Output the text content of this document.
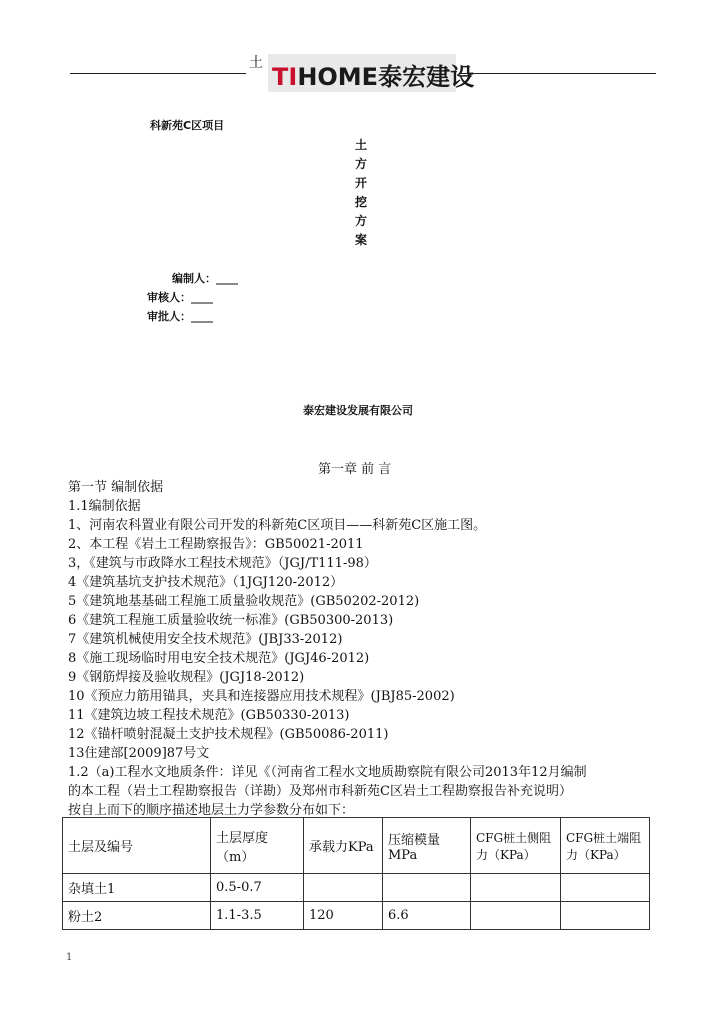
土 TIHOME泰宏建设
科新苑C区项目
土
方
开
挖
方
案
编制人：____
审核人：____
审批人：____
泰宏建设发展有限公司
第一章 前 言
第一节 编制依据
1.1编制依据
1、河南农科置业有限公司开发的科新苑C区项目——科新苑C区施工图。
2、本工程《岩土工程勘察报告》：GB50021-2011
3，《建筑与市政降水工程技术规范》（JGJ/T111-98）
4《建筑基坑支护技术规范》（1JGJ120-2012）
5《建筑地基基础工程施工质量验收规范》(GB50202-2012)
6《建筑工程施工质量验收统一标准》(GB50300-2013)
7《建筑机械使用安全技术规范》(JBJ33-2012)
8《施工现场临时用电安全技术规范》(JGJ46-2012)
9《钢筋焊接及验收规程》(JGJ18-2012)
10《预应力筋用锚具，夹具和连接器应用技术规程》(JBJ85-2002)
11《建筑边坡工程技术规范》(GB50330-2013)
12《锚杆喷射混凝土支护技术规程》(GB50086-2011)
13住建部[2009]87号文
1.2（a)工程水文地质条件：详见《（河南省工程水文地质勘察院有限公司2013年12月编制
的本工程（岩土工程勘察报告（详勘）及郑州市科新苑C区岩土工程勘察报告补充说明）
按自上而下的顺序描述地层土力学参数分布如下：
土层及编号	土层厚度（m）	承载力KPa	压缩模量MPa	CFG桩土侧阻力（KPa）	CFG桩土端阻力（KPa）
杂填土1	0.5-0.7				
粉土2	1.1-3.5	120	6.6		
1
